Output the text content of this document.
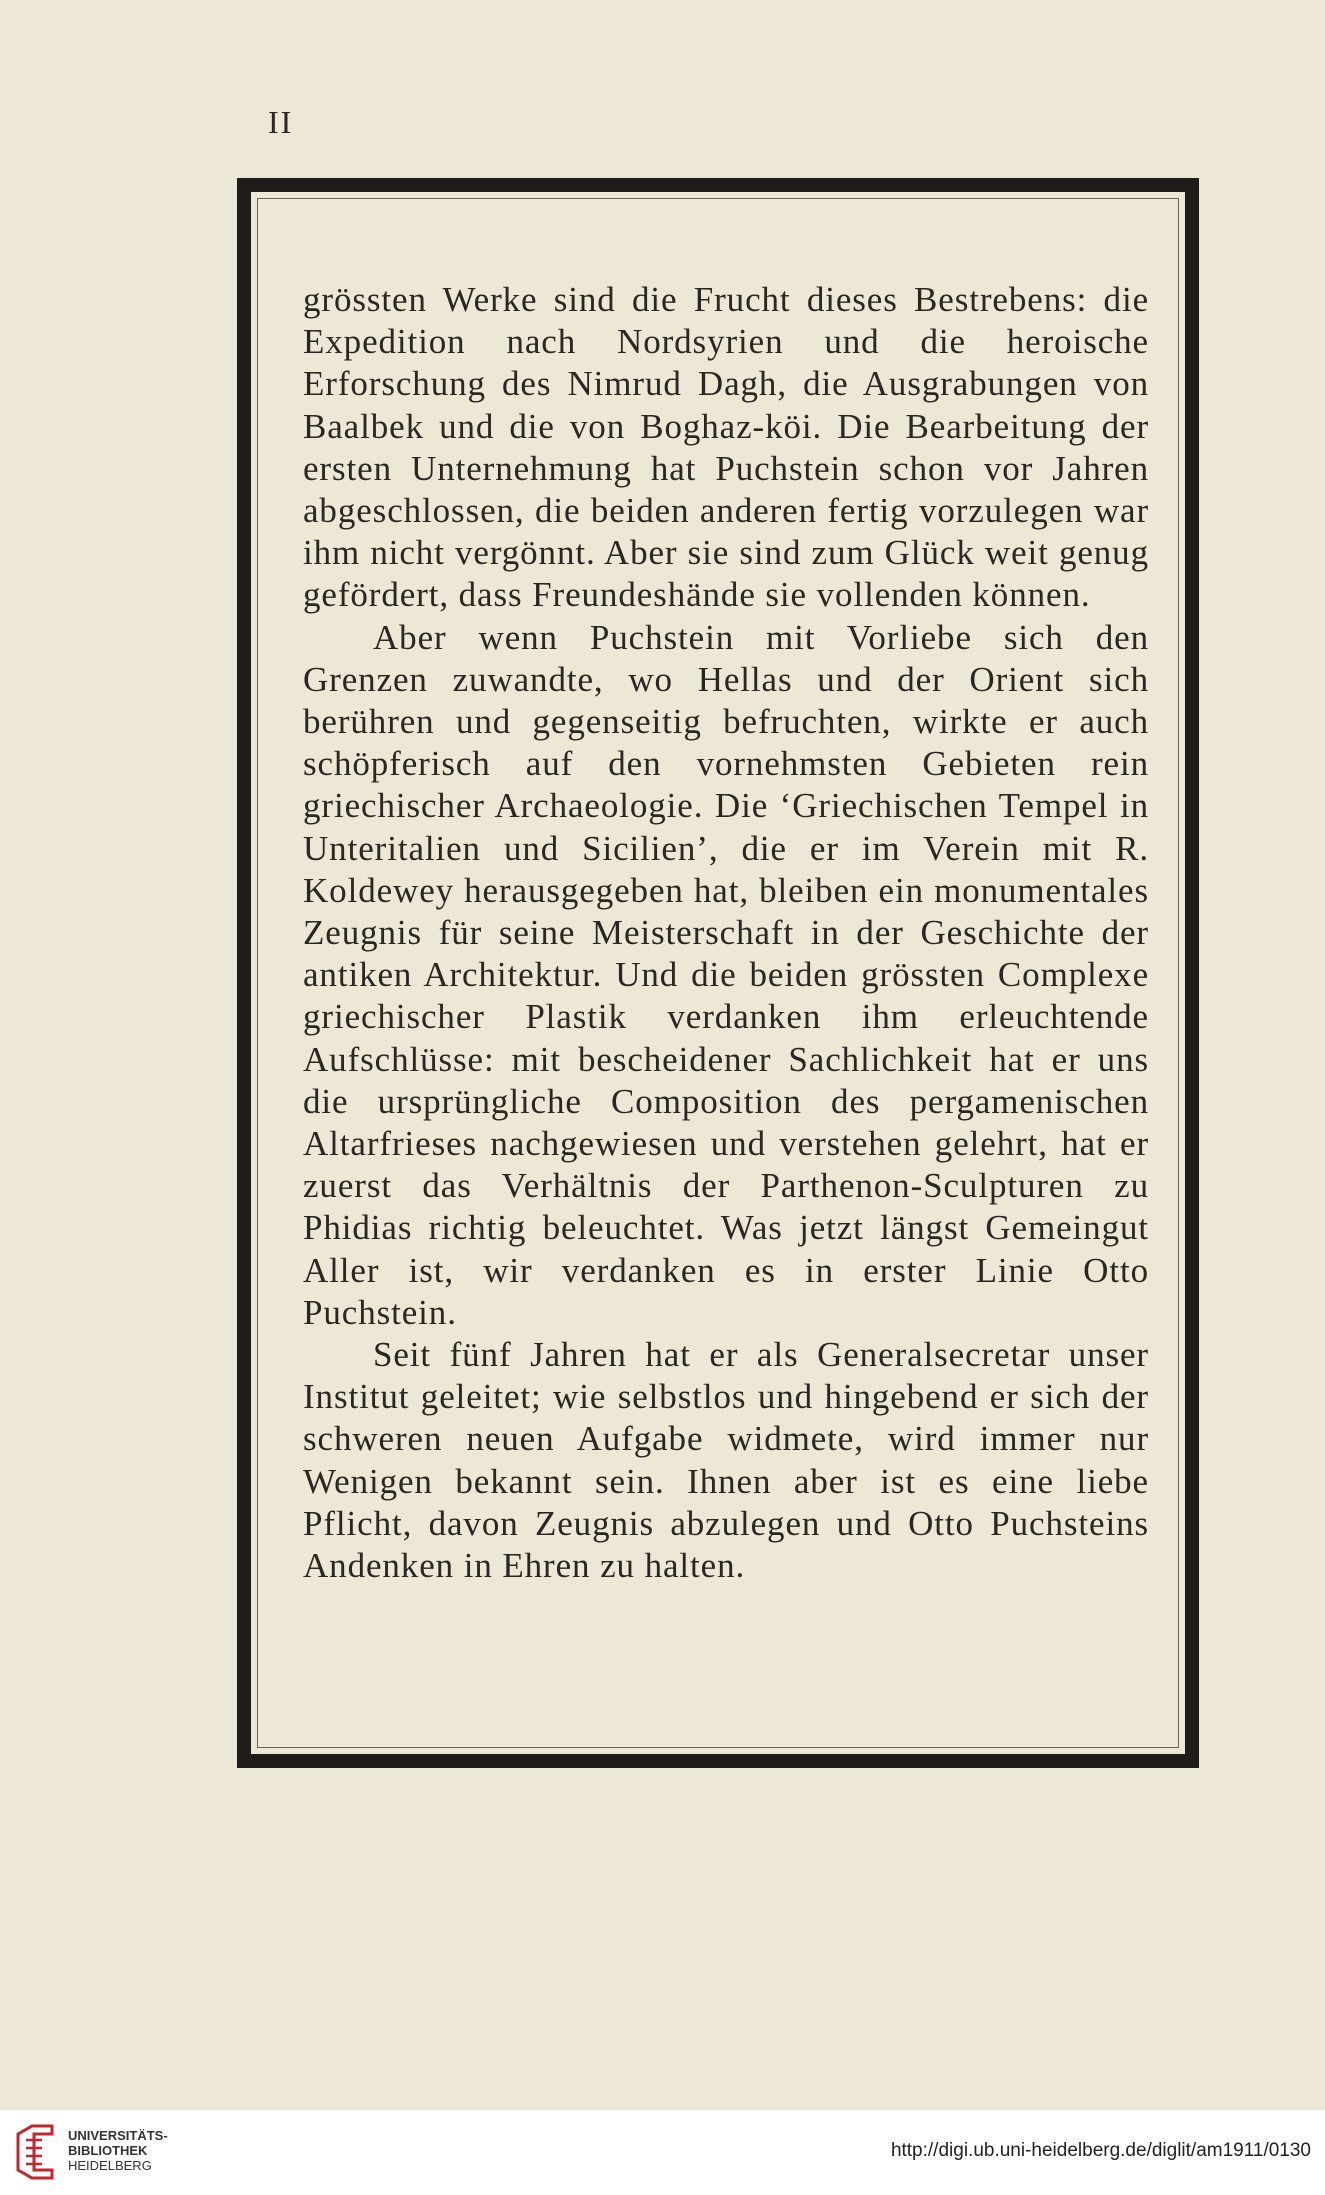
II

grössten Werke sind die Frucht dieses Bestrebens: die Expedition nach Nordsyrien und die heroische Erforschung des Nimrud Dagh, die Ausgrabungen von Baalbek und die von Boghaz-köi. Die Bearbeitung der ersten Unternehmung hat Puchstein schon vor Jahren abgeschlossen, die beiden anderen fertig vorzulegen war ihm nicht vergönnt. Aber sie sind zum Glück weit genug gefördert, dass Freundeshände sie vollenden können.

Aber wenn Puchstein mit Vorliebe sich den Grenzen zuwandte, wo Hellas und der Orient sich berühren und gegenseitig befruchten, wirkte er auch schöpferisch auf den vornehmsten Gebieten rein griechischer Archaeologie. Die ‘Griechischen Tempel in Unteritalien und Sicilien’, die er im Verein mit R. Koldewey herausgegeben hat, bleiben ein monumentales Zeugnis für seine Meisterschaft in der Geschichte der antiken Architektur. Und die beiden grössten Complexe griechischer Plastik verdanken ihm erleuchtende Aufschlüsse: mit bescheidener Sachlichkeit hat er uns die ursprüngliche Composition des pergamenischen Altarfrieses nachgewiesen und verstehen gelehrt, hat er zuerst das Verhältnis der Parthenon-Sculpturen zu Phidias richtig beleuchtet. Was jetzt längst Gemeingut Aller ist, wir verdanken es in erster Linie Otto Puchstein.

Seit fünf Jahren hat er als Generalsecretar unser Institut geleitet; wie selbstlos und hingebend er sich der schweren neuen Aufgabe widmete, wird immer nur Wenigen bekannt sein. Ihnen aber ist es eine liebe Pflicht, davon Zeugnis abzulegen und Otto Puchsteins Andenken in Ehren zu halten.

UNIVERSITÄTS-
BIBLIOTHEK
HEIDELBERG
http://digi.ub.uni-heidelberg.de/diglit/am1911/0130
